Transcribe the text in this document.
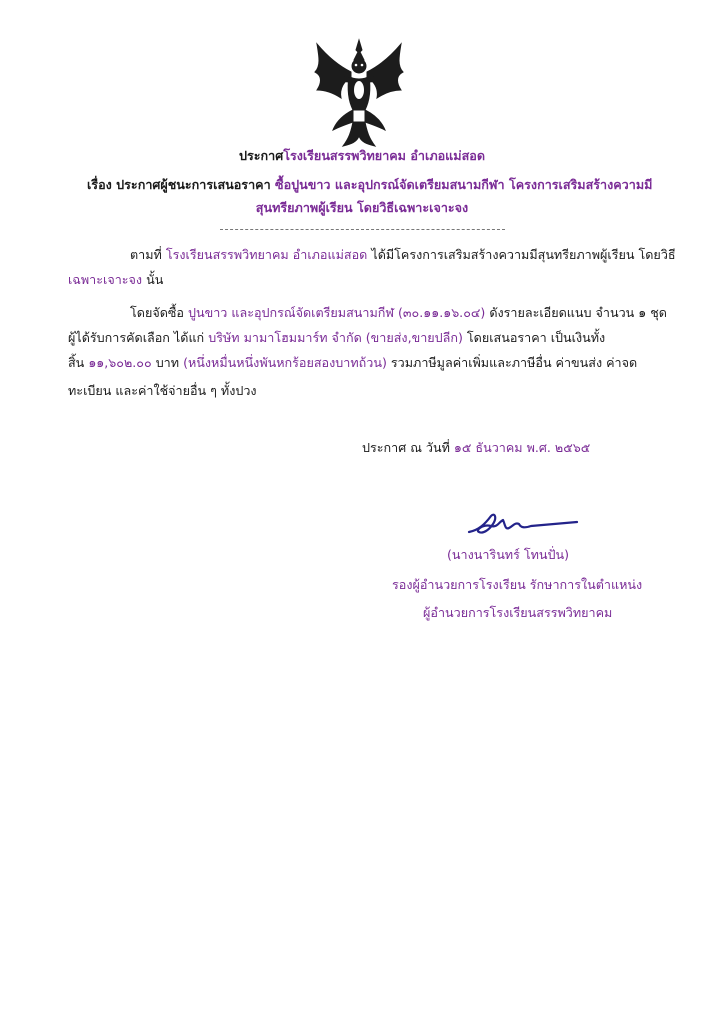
ประกาศโรงเรียนสรรพวิทยาคม อำเภอแม่สอด
เรื่อง ประกาศผู้ชนะการเสนอราคา ซื้อปูนขาว และอุปกรณ์จัดเตรียมสนามกีฬา โครงการเสริมสร้างความมี
สุนทรียภาพผู้เรียน โดยวิธีเฉพาะเจาะจง
ตามที่ โรงเรียนสรรพวิทยาคม อำเภอแม่สอด ได้มีโครงการเสริมสร้างความมีสุนทรียภาพผู้เรียน โดยวิธี
เฉพาะเจาะจง นั้น
โดยจัดซื้อ ปูนขาว และอุปกรณ์จัดเตรียมสนามกีฬ (๓๐.๑๑.๑๖.๐๔) ดังรายละเอียดแนบ จำนวน ๑ ชุด
ผู้ได้รับการคัดเลือก ได้แก่ บริษัท มามาโฮมมาร์ท จำกัด (ขายส่ง,ขายปลีก) โดยเสนอราคา เป็นเงินทั้ง
สิ้น ๑๑,๖๐๒.๐๐ บาท (หนึ่งหมื่นหนึ่งพันหกร้อยสองบาทถ้วน) รวมภาษีมูลค่าเพิ่มและภาษีอื่น ค่าขนส่ง ค่าจด
ทะเบียน และค่าใช้จ่ายอื่น ๆ ทั้งปวง
ประกาศ ณ วันที่ ๑๕ ธันวาคม พ.ศ. ๒๕๖๕
(นางนารินทร์ โทนปั่น)
รองผู้อำนวยการโรงเรียน รักษาการในตำแหน่ง
ผู้อำนวยการโรงเรียนสรรพวิทยาคม
